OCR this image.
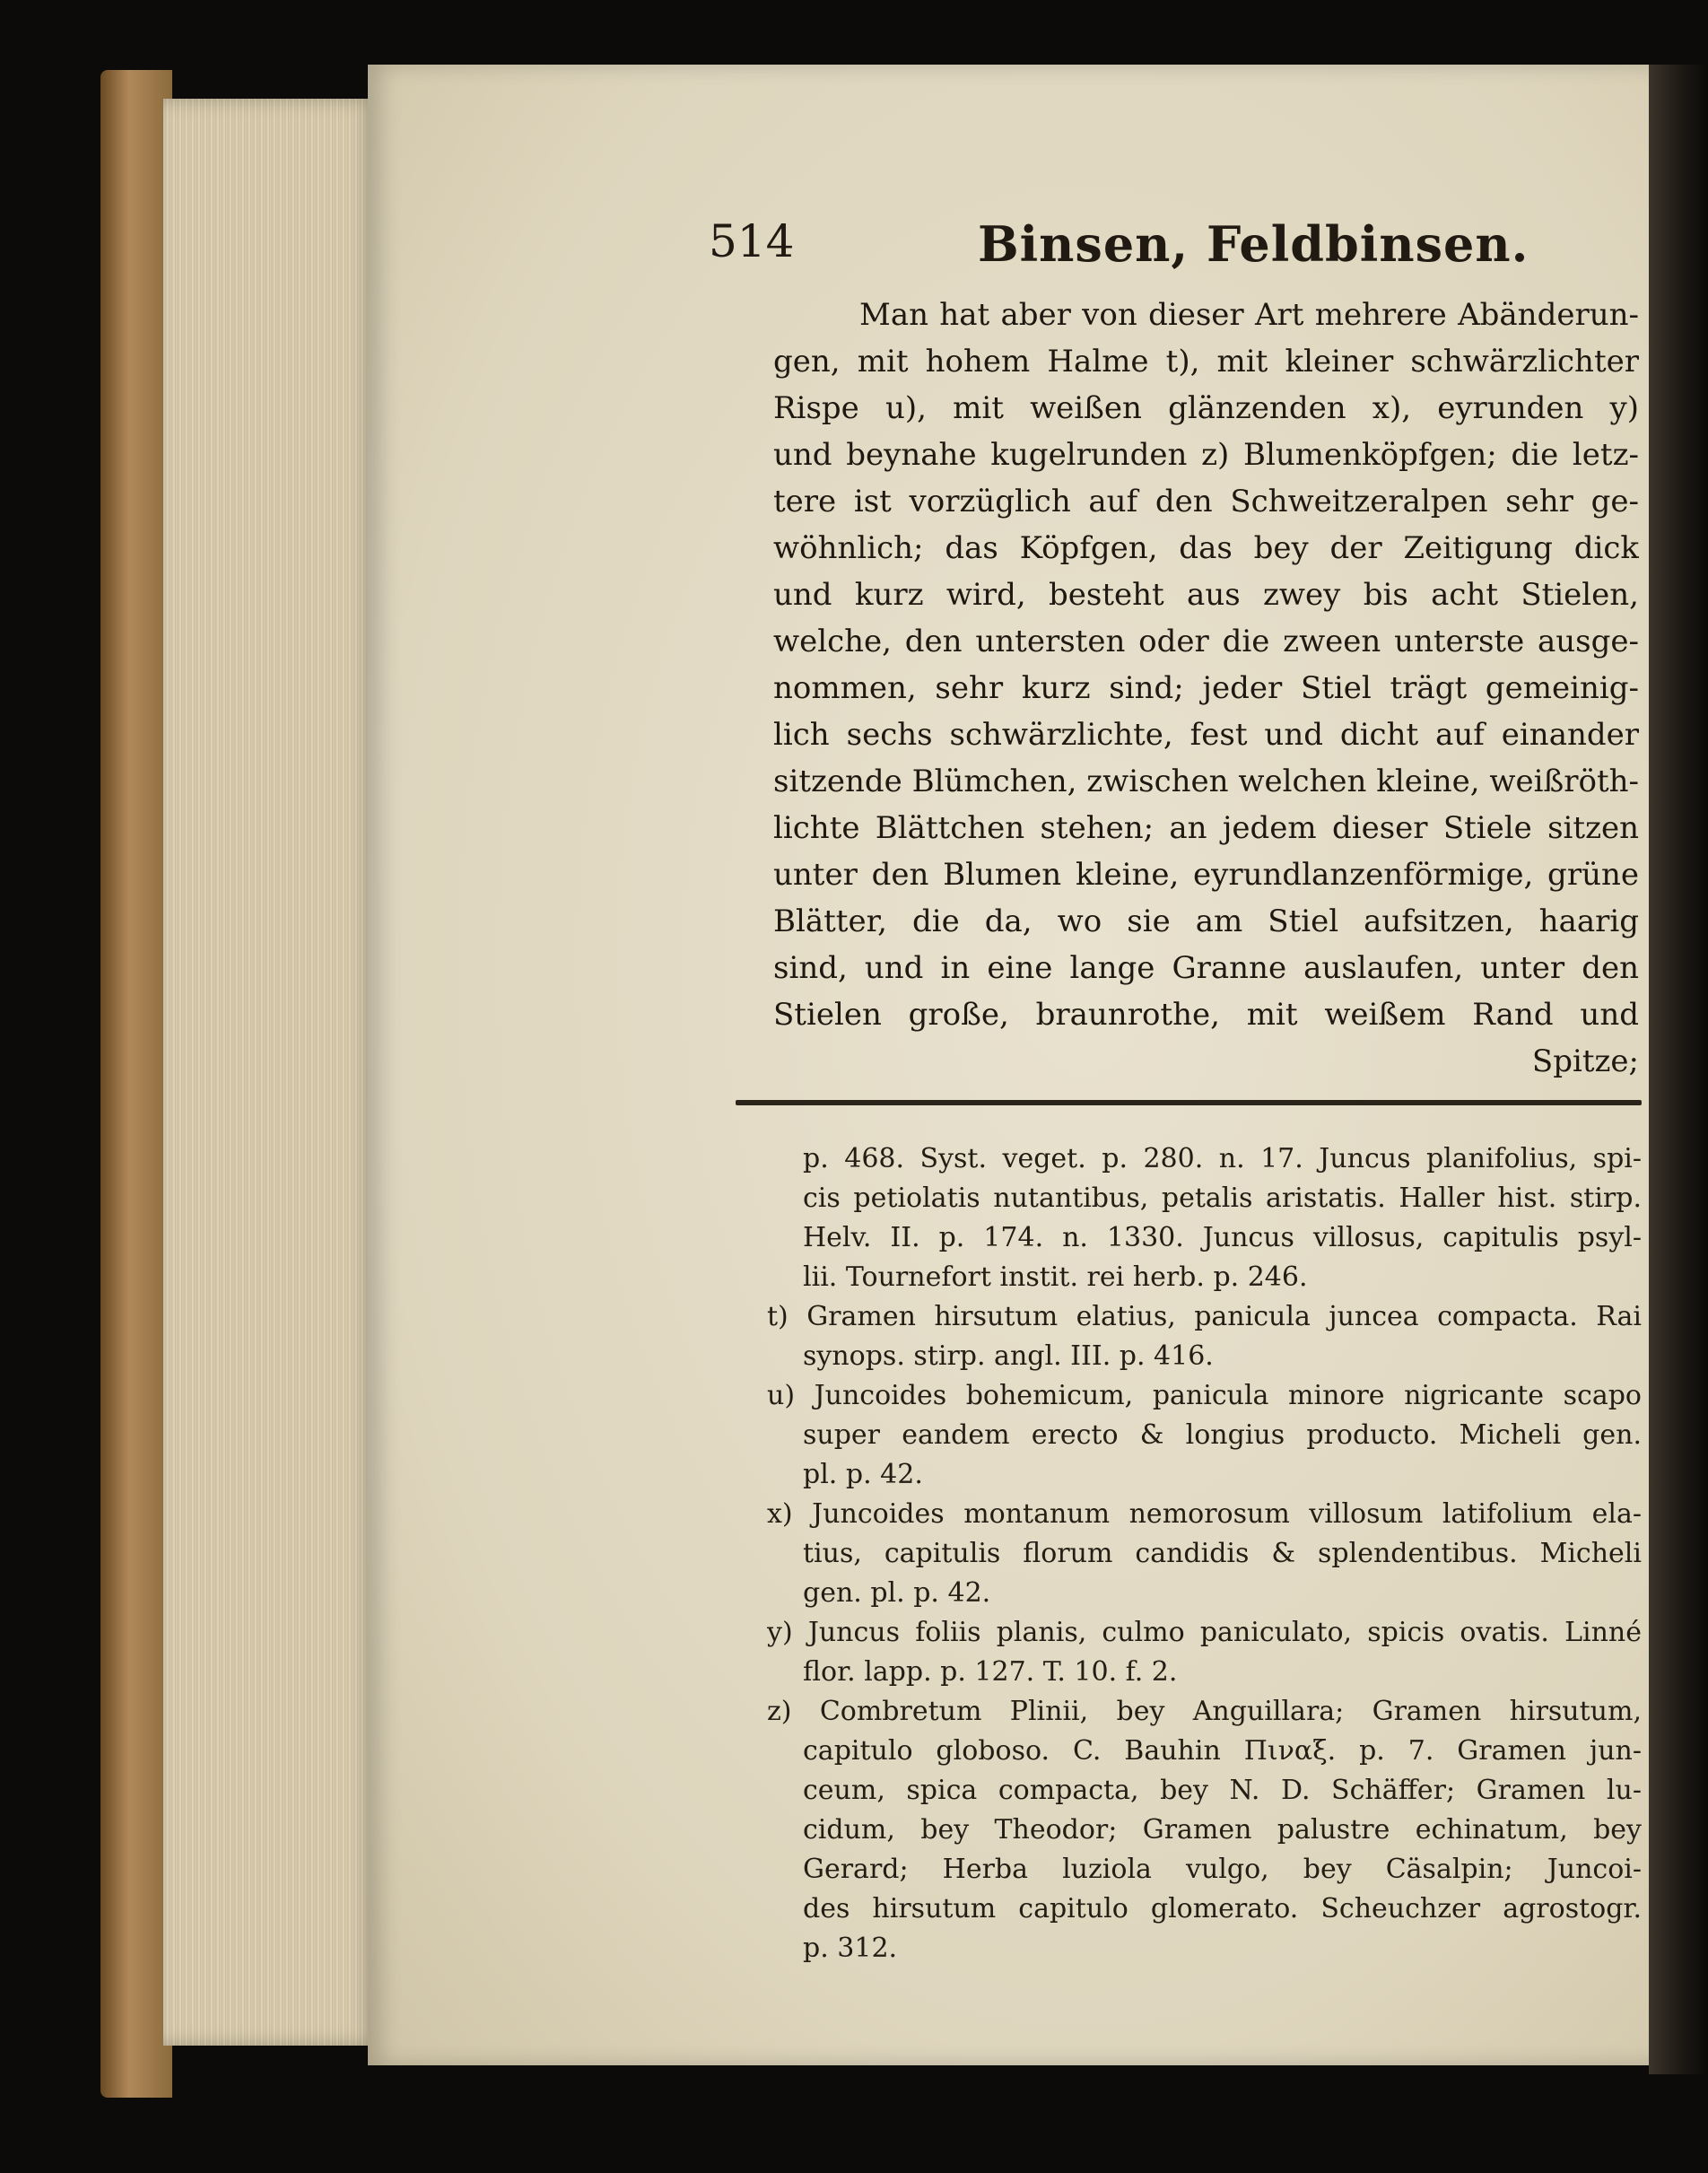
514	Binsen, Feldbinsen.
Man hat aber von dieser Art mehrere Abänderun-
gen, mit hohem Halme t), mit kleiner schwärzlichter
Rispe u), mit weißen glänzenden x), eyrunden y)
und beynahe kugelrunden z) Blumenköpfgen; die letz-
tere ist vorzüglich auf den Schweitzeralpen sehr ge-
wöhnlich; das Köpfgen, das bey der Zeitigung dick
und kurz wird, besteht aus zwey bis acht Stielen,
welche, den untersten oder die zween unterste ausge-
nommen, sehr kurz sind; jeder Stiel trägt gemeinig-
lich sechs schwärzlichte, fest und dicht auf einander
sitzende Blümchen, zwischen welchen kleine, weißröth-
lichte Blättchen stehen; an jedem dieser Stiele sitzen
unter den Blumen kleine, eyrundlanzenförmige, grüne
Blätter, die da, wo sie am Stiel aufsitzen, haarig
sind, und in eine lange Granne auslaufen, unter den
Stielen große, braunrothe, mit weißem Rand und
Spitze;
p. 468. Syst. veget. p. 280. n. 17. Juncus planifolius, spi-
cis petiolatis nutantibus, petalis aristatis. Haller hist. stirp.
Helv. II. p. 174. n. 1330. Juncus villosus, capitulis psyl-
lii. Tournefort instit. rei herb. p. 246.
t) Gramen hirsutum elatius, panicula juncea compacta. Rai
synops. stirp. angl. III. p. 416.
u) Juncoides bohemicum, panicula minore nigricante scapo
super eandem erecto & longius producto. Micheli gen.
pl. p. 42.
x) Juncoides montanum nemorosum villosum latifolium ela-
tius, capitulis florum candidis & splendentibus. Micheli
gen. pl. p. 42.
y) Juncus foliis planis, culmo paniculato, spicis ovatis. Linné
flor. lapp. p. 127. T. 10. f. 2.
z) Combretum Plinii, bey Anguillara; Gramen hirsutum,
capitulo globoso. C. Bauhin Πιναξ. p. 7. Gramen jun-
ceum, spica compacta, bey N. D. Schäffer; Gramen lu-
cidum, bey Theodor; Gramen palustre echinatum, bey
Gerard; Herba luziola vulgo, bey Cäsalpin; Juncoi-
des hirsutum capitulo glomerato. Scheuchzer agrostogr.
p. 312.
